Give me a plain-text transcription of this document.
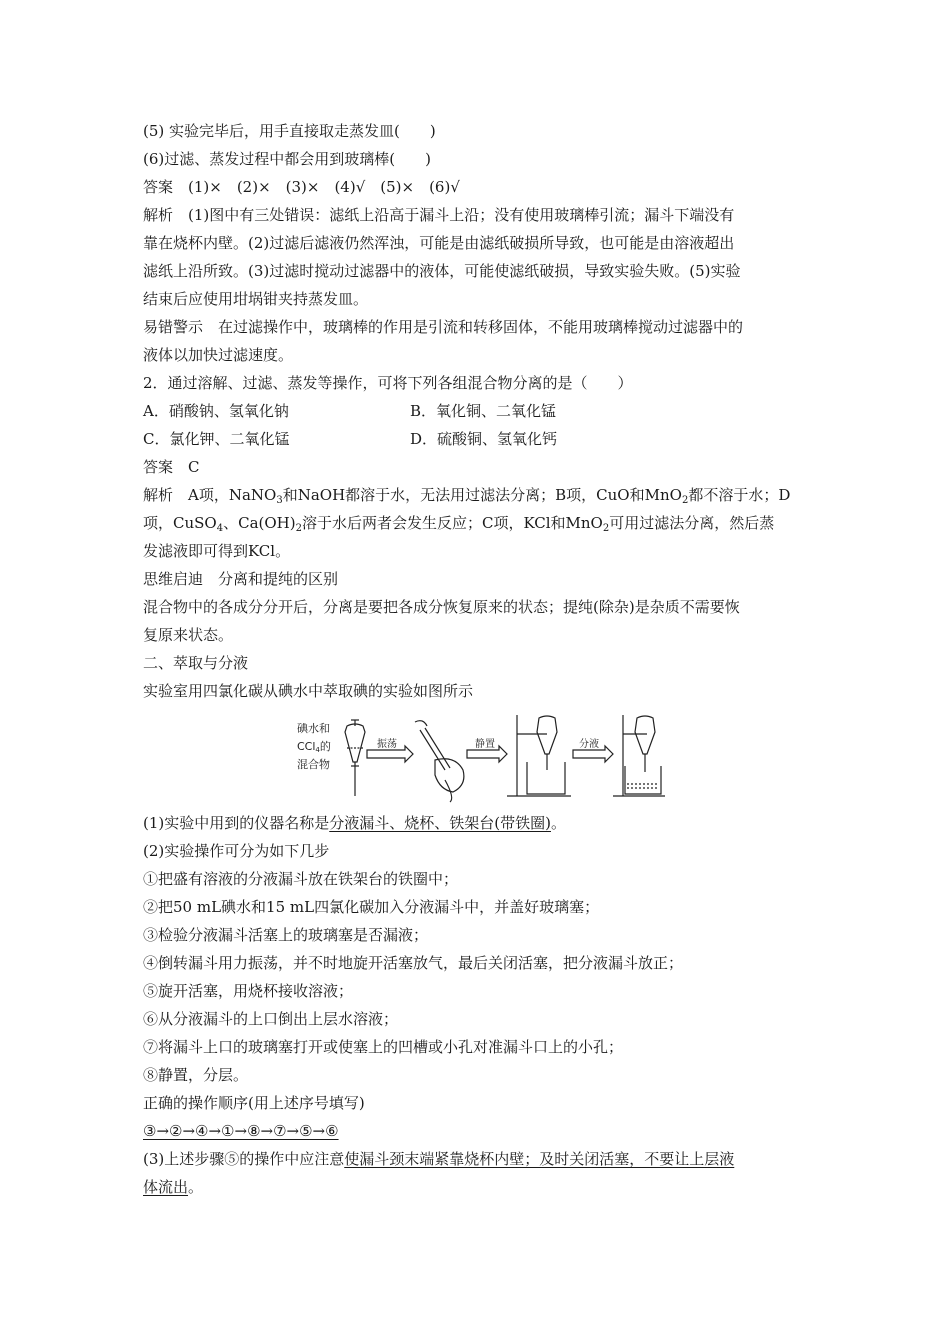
(5) 实验完毕后，用手直接取走蒸发皿(　　)
(6)过滤、蒸发过程中都会用到玻璃棒(　　)
答案　(1)×　(2)×　(3)×　(4)√　(5)×　(6)√
解析　(1)图中有三处错误：滤纸上沿高于漏斗上沿；没有使用玻璃棒引流；漏斗下端没有
靠在烧杯内壁。(2)过滤后滤液仍然浑浊，可能是由滤纸破损所导致，也可能是由溶液超出
滤纸上沿所致。(3)过滤时搅动过滤器中的液体，可能使滤纸破损，导致实验失败。(5)实验
结束后应使用坩埚钳夹持蒸发皿。
易错警示　在过滤操作中，玻璃棒的作用是引流和转移固体，不能用玻璃棒搅动过滤器中的
液体以加快过滤速度。
2．通过溶解、过滤、蒸发等操作，可将下列各组混合物分离的是（　　）
A．硝酸钠、氢氧化钠	B．氧化铜、二氧化锰
C．氯化钾、二氧化锰	D．硫酸铜、氢氧化钙
答案　C
解析　A项，NaNO$_3$和NaOH都溶于水，无法用过滤法分离；B项，CuO和MnO$_2$都不溶于水；D
项，CuSO$_4$、$Ca(OH)_2$溶于水后两者会发生反应；C项，KCl和MnO$_2$可用过滤法分离，然后蒸
发滤液即可得到KCl。
思维启迪　分离和提纯的区别
混合物中的各成分分开后，分离是要把各成分恢复原来的状态；提纯(除杂)是杂质不需要恢
复原来状态。
二、萃取与分液
实验室用四氯化碳从碘水中萃取碘的实验如图所示
碘水和
CCl4的
混合物
振荡	静置	分液
(1)实验中用到的仪器名称是分液漏斗、烧杯、铁架台(带铁圈)。
(2)实验操作可分为如下几步
①把盛有溶液的分液漏斗放在铁架台的铁圈中；
②把50 mL碘水和15 mL四氯化碳加入分液漏斗中，并盖好玻璃塞；
③检验分液漏斗活塞上的玻璃塞是否漏液；
④倒转漏斗用力振荡，并不时地旋开活塞放气，最后关闭活塞，把分液漏斗放正；
⑤旋开活塞，用烧杯接收溶液；
⑥从分液漏斗的上口倒出上层水溶液；
⑦将漏斗上口的玻璃塞打开或使塞上的凹槽或小孔对准漏斗口上的小孔；
⑧静置，分层。
正确的操作顺序(用上述序号填写)
③→②→④→①→⑧→⑦→⑤→⑥
(3)上述步骤⑤的操作中应注意使漏斗颈末端紧靠烧杯内壁；及时关闭活塞，不要让上层液
体流出。
